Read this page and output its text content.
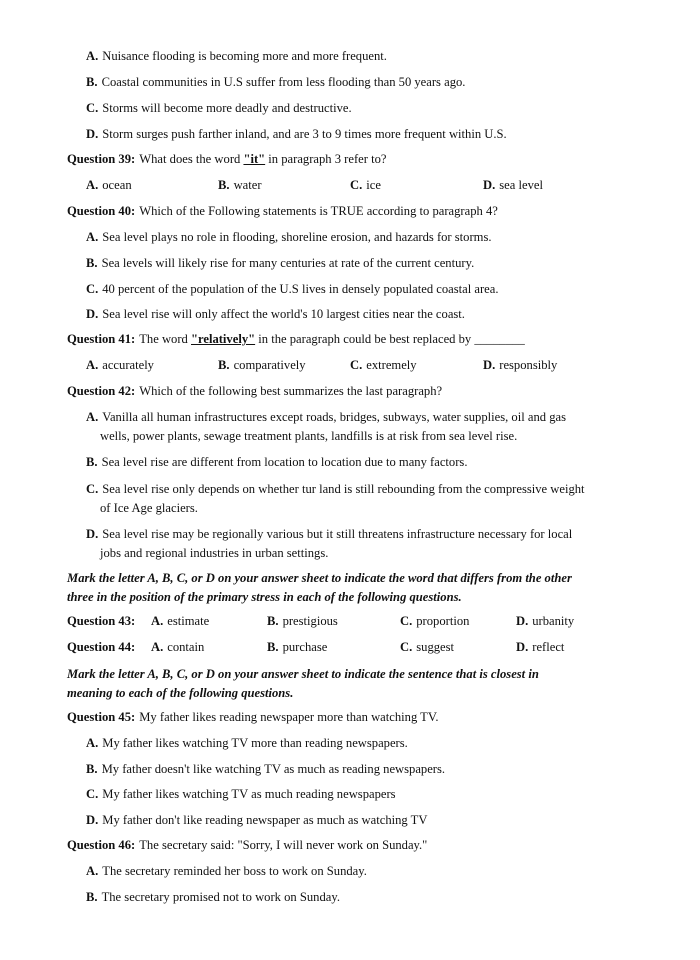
A. Nuisance flooding is becoming more and more frequent.
B. Coastal communities in U.S suffer from less flooding than 50 years ago.
C. Storms will become more deadly and destructive.
D. Storm surges push farther inland, and are 3 to 9 times more frequent within U.S.
Question 39: What does the word "it" in paragraph 3 refer to?
A. ocean	B. water	C. ice	D. sea level
Question 40: Which of the Following statements is TRUE according to paragraph 4?
A. Sea level plays no role in flooding, shoreline erosion, and hazards for storms.
B. Sea levels will likely rise for many centuries at rate of the current century.
C. 40 percent of the population of the U.S lives in densely populated coastal area.
D. Sea level rise will only affect the world's 10 largest cities near the coast.
Question 41: The word "relatively" in the paragraph could be best replaced by ________
A. accurately	B. comparatively	C. extremely	D. responsibly
Question 42: Which of the following best summarizes the last paragraph?
A. Vanilla all human infrastructures except roads, bridges, subways, water supplies, oil and gas
wells, power plants, sewage treatment plants, landfills is at risk from sea level rise.
B. Sea level rise are different from location to location due to many factors.
C. Sea level rise only depends on whether tur land is still rebounding from the compressive weight
of Ice Age glaciers.
D. Sea level rise may be regionally various but it still threatens infrastructure necessary for local
jobs and regional industries in urban settings.
Mark the letter A, B, C, or D on your answer sheet to indicate the word that differs from the other
three in the position of the primary stress in each of the following questions.
Question 43:	A. estimate	B. prestigious	C. proportion	D. urbanity
Question 44:	A. contain	B. purchase	C. suggest	D. reflect
Mark the letter A, B, C, or D on your answer sheet to indicate the sentence that is closest in
meaning to each of the following questions.
Question 45: My father likes reading newspaper more than watching TV.
A. My father likes watching TV more than reading newspapers.
B. My father doesn't like watching TV as much as reading newspapers.
C. My father likes watching TV as much reading newspapers
D. My father don't like reading newspaper as much as watching TV
Question 46: The secretary said: "Sorry, I will never work on Sunday."
A. The secretary reminded her boss to work on Sunday.
B. The secretary promised not to work on Sunday.
